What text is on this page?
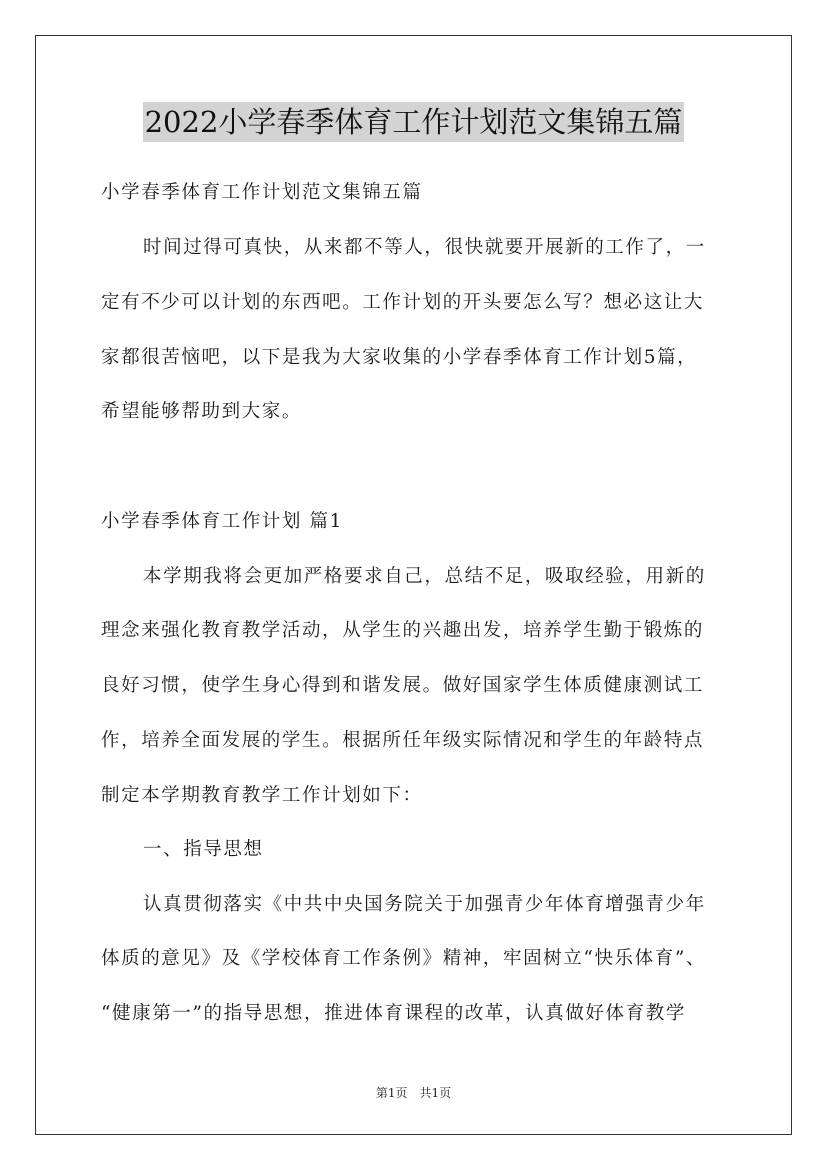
2022小学春季体育工作计划范文集锦五篇
小学春季体育工作计划范文集锦五篇
时间过得可真快，从来都不等人，很快就要开展新的工作了，一
定有不少可以计划的东西吧。工作计划的开头要怎么写？想必这让大
家都很苦恼吧，以下是我为大家收集的小学春季体育工作计划5篇，
希望能够帮助到大家。
小学春季体育工作计划 篇1
本学期我将会更加严格要求自己，总结不足，吸取经验，用新的
理念来强化教育教学活动，从学生的兴趣出发，培养学生勤于锻炼的
良好习惯，使学生身心得到和谐发展。做好国家学生体质健康测试工
作，培养全面发展的学生。根据所任年级实际情况和学生的年龄特点
制定本学期教育教学工作计划如下：
一、指导思想
认真贯彻落实《中共中央国务院关于加强青少年体育增强青少年
体质的意见》及《学校体育工作条例》精神，牢固树立“快乐体育”、
“健康第一”的指导思想，推进体育课程的改革，认真做好体育教学
第1页　共1页
